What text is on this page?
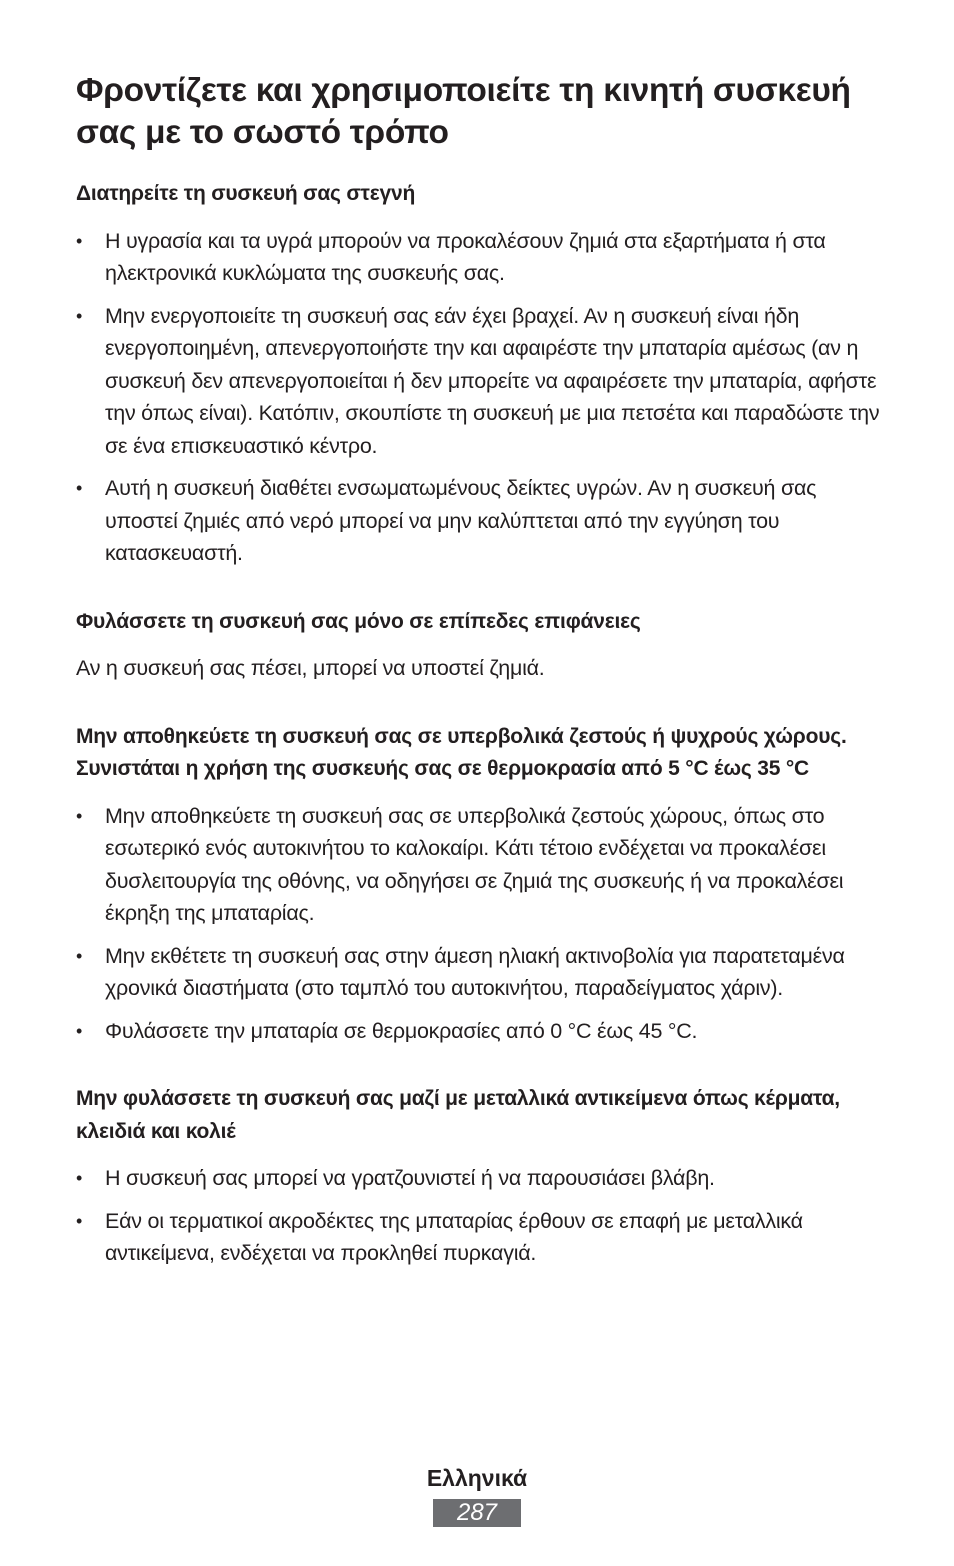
Φροντίζετε και χρησιμοποιείτε τη κινητή συσκευή σας με το σωστό τρόπο
Διατηρείτε τη συσκευή σας στεγνή
• Η υγρασία και τα υγρά μπορούν να προκαλέσουν ζημιά στα εξαρτήματα ή στα ηλεκτρονικά κυκλώματα της συσκευής σας.
• Μην ενεργοποιείτε τη συσκευή σας εάν έχει βραχεί. Αν η συσκευή είναι ήδη ενεργοποιημένη, απενεργοποιήστε την και αφαιρέστε την μπαταρία αμέσως (αν η συσκευή δεν απενεργοποιείται ή δεν μπορείτε να αφαιρέσετε την μπαταρία, αφήστε την όπως είναι). Κατόπιν, σκουπίστε τη συσκευή με μια πετσέτα και παραδώστε την σε ένα επισκευαστικό κέντρο.
• Αυτή η συσκευή διαθέτει ενσωματωμένους δείκτες υγρών. Αν η συσκευή σας υποστεί ζημιές από νερό μπορεί να μην καλύπτεται από την εγγύηση του κατασκευαστή.
Φυλάσσετε τη συσκευή σας μόνο σε επίπεδες επιφάνειες

Αν η συσκευή σας πέσει, μπορεί να υποστεί ζημιά.

Μην αποθηκεύετε τη συσκευή σας σε υπερβολικά ζεστούς ή ψυχρούς χώρους. Συνιστάται η χρήση της συσκευής σας σε θερμοκρασία από 5 °C έως 35 °C
• Μην αποθηκεύετε τη συσκευή σας σε υπερβολικά ζεστούς χώρους, όπως στο εσωτερικό ενός αυτοκινήτου το καλοκαίρι. Κάτι τέτοιο ενδέχεται να προκαλέσει δυσλειτουργία της οθόνης, να οδηγήσει σε ζημιά της συσκευής ή να προκαλέσει έκρηξη της μπαταρίας.
• Μην εκθέτετε τη συσκευή σας στην άμεση ηλιακή ακτινοβολία για παρατεταμένα χρονικά διαστήματα (στο ταμπλό του αυτοκινήτου, παραδείγματος χάριν).
• Φυλάσσετε την μπαταρία σε θερμοκρασίες από 0 °C έως 45 °C.
Μην φυλάσσετε τη συσκευή σας μαζί με μεταλλικά αντικείμενα όπως κέρματα, κλειδιά και κολιέ
• Η συσκευή σας μπορεί να γρατζουνιστεί ή να παρουσιάσει βλάβη.
• Εάν οι τερματικοί ακροδέκτες της μπαταρίας έρθουν σε επαφή με μεταλλικά αντικείμενα, ενδέχεται να προκληθεί πυρκαγιά.
Ελληνικά
287
